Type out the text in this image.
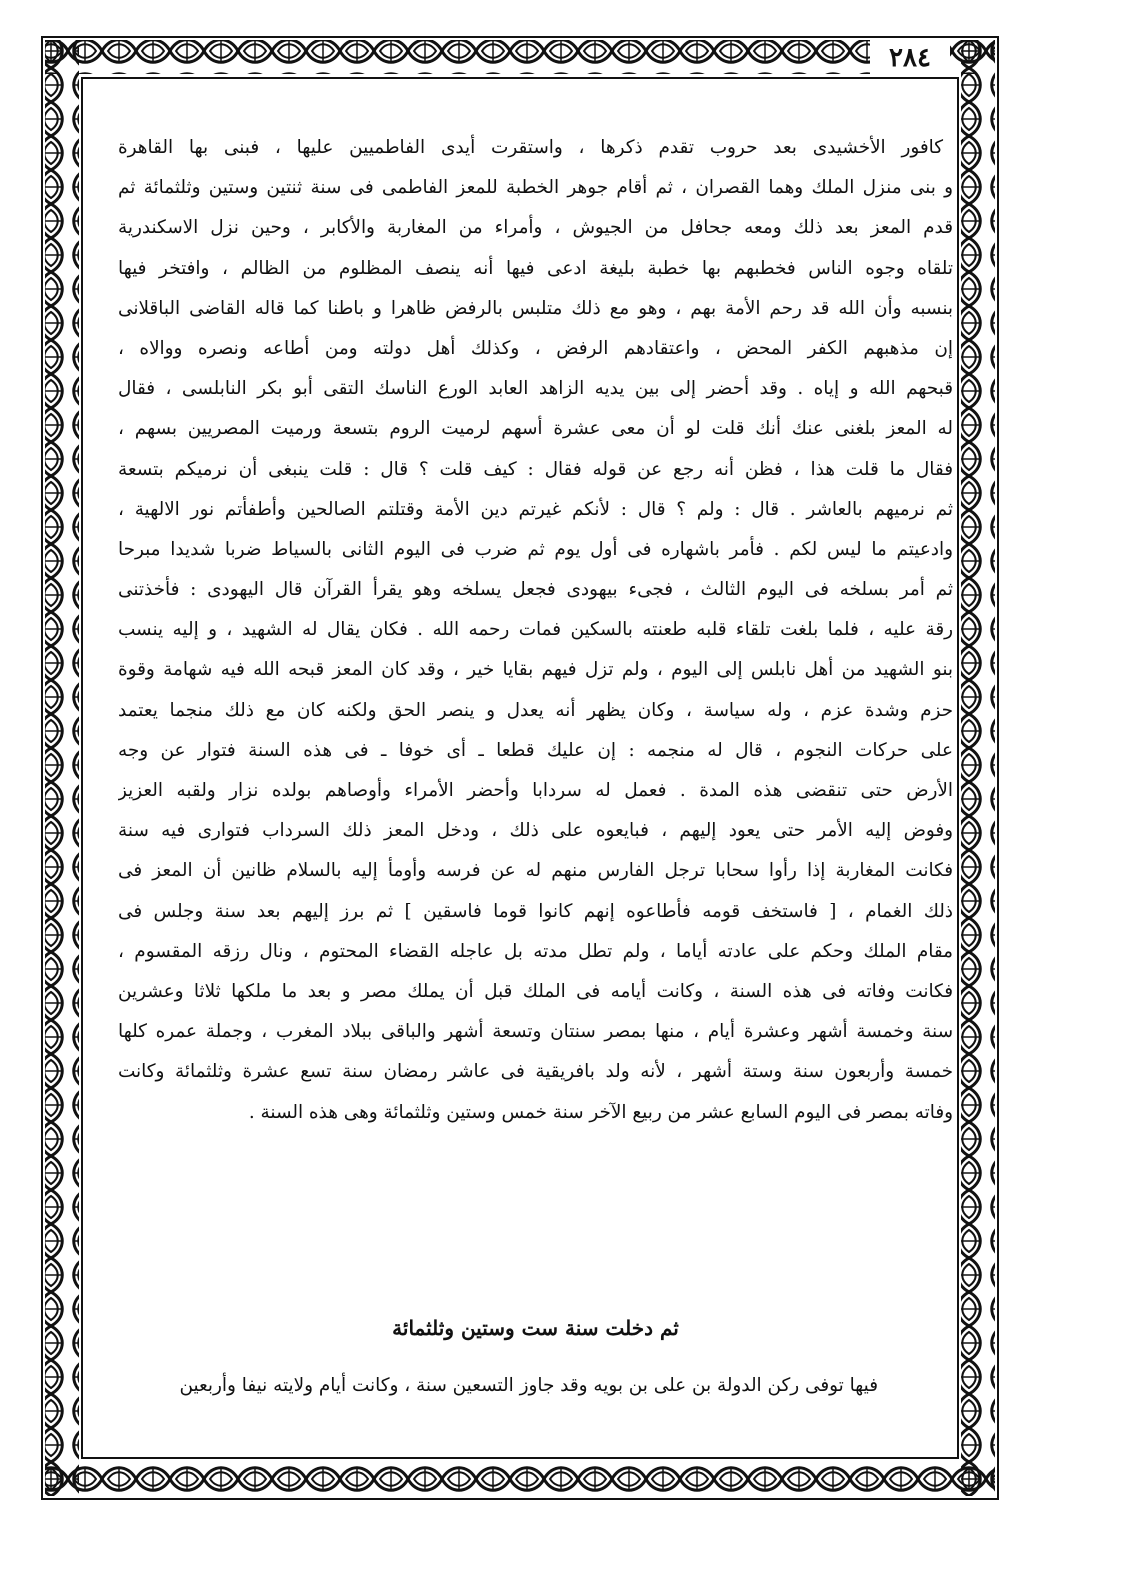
٢٨٤
كافور الأخشيدى بعد حروب تقدم ذكرها ، واستقرت أيدى الفاطميين عليها ، فبنى بها القاهرة
و بنى منزل الملك وهما القصران ، ثم أقام جوهر الخطبة للمعز الفاطمى فى سنة ثنتين وستين وثلثمائة ثم
قدم المعز بعد ذلك ومعه جحافل من الجيوش ، وأمراء من المغاربة والأكابر ، وحين نزل الاسكندرية
تلقاه وجوه الناس فخطبهم بها خطبة بليغة ادعى فيها أنه ينصف المظلوم من الظالم ، وافتخر فيها
بنسبه وأن الله قد رحم الأمة بهم ، وهو مع ذلك متلبس بالرفض ظاهرا و باطنا كما قاله القاضى الباقلانى
إن مذهبهم الكفر المحض ، واعتقادهم الرفض ، وكذلك أهل دولته ومن أطاعه ونصره ووالاه ،
قبحهم الله و إياه . وقد أحضر إلى بين يديه الزاهد العابد الورع الناسك التقى أبو بكر النابلسى ، فقال
له المعز بلغنى عنك أنك قلت لو أن معى عشرة أسهم لرميت الروم بتسعة ورميت المصريين بسهم ،
فقال ما قلت هذا ، فظن أنه رجع عن قوله فقال : كيف قلت ؟ قال : قلت ينبغى أن نرميكم بتسعة
ثم نرميهم بالعاشر . قال : ولم ؟ قال : لأنكم غيرتم دين الأمة وقتلتم الصالحين وأطفأتم نور الالهية ،
وادعيتم ما ليس لكم . فأمر باشهاره فى أول يوم ثم ضرب فى اليوم الثانى بالسياط ضربا شديدا مبرحا
ثم أمر بسلخه فى اليوم الثالث ، فجىء بيهودى فجعل يسلخه وهو يقرأ القرآن قال اليهودى : فأخذتنى
رقة عليه ، فلما بلغت تلقاء قلبه طعنته بالسكين فمات رحمه الله . فكان يقال له الشهيد ، و إليه ينسب
بنو الشهيد من أهل نابلس إلى اليوم ، ولم تزل فيهم بقايا خير ، وقد كان المعز قبحه الله فيه شهامة وقوة
حزم وشدة عزم ، وله سياسة ، وكان يظهر أنه يعدل و ينصر الحق ولكنه كان مع ذلك منجما يعتمد
على حركات النجوم ، قال له منجمه : إن عليك قطعا ـ أى خوفا ـ فى هذه السنة فتوار عن وجه
الأرض حتى تنقضى هذه المدة . فعمل له سردابا وأحضر الأمراء وأوصاهم بولده نزار ولقبه العزيز
وفوض إليه الأمر حتى يعود إليهم ، فبايعوه على ذلك ، ودخل المعز ذلك السرداب فتوارى فيه سنة
فكانت المغاربة إذا رأوا سحابا ترجل الفارس منهم له عن فرسه وأومأ إليه بالسلام ظانين أن المعز فى
ذلك الغمام ، [ فاستخف قومه فأطاعوه إنهم كانوا قوما فاسقين ] ثم برز إليهم بعد سنة وجلس فى
مقام الملك وحكم على عادته أياما ، ولم تطل مدته بل عاجله القضاء المحتوم ، ونال رزقه المقسوم ،
فكانت وفاته فى هذه السنة ، وكانت أيامه فى الملك قبل أن يملك مصر و بعد ما ملكها ثلاثا وعشرين
سنة وخمسة أشهر وعشرة أيام ، منها بمصر سنتان وتسعة أشهر والباقى ببلاد المغرب ، وجملة عمره كلها
خمسة وأربعون سنة وستة أشهر ، لأنه ولد بافريقية فى عاشر رمضان سنة تسع عشرة وثلثمائة وكانت
وفاته بمصر فى اليوم السابع عشر من ربيع الآخر سنة خمس وستين وثلثمائة وهى هذه السنة .
ثم دخلت سنة ست وستين وثلثمائة
فيها توفى ركن الدولة بن على بن بويه وقد جاوز التسعين سنة ، وكانت أيام ولايته نيفا وأربعين
